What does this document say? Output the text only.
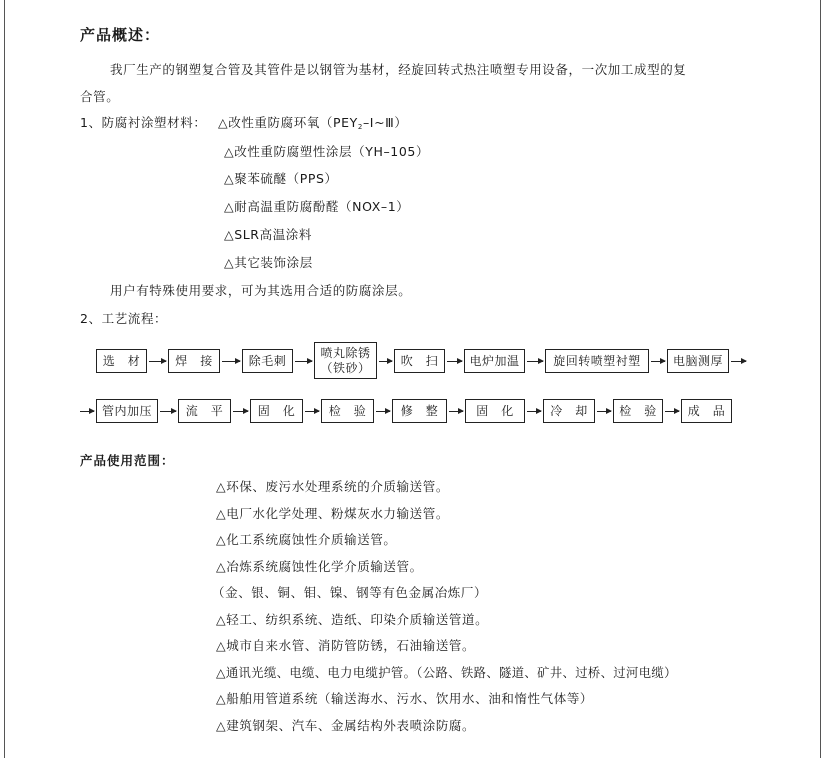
产品概述：
我厂生产的钢塑复合管及其管件是以钢管为基材，经旋回转式热注喷塑专用设备，一次加工成型的复
合管。
1、防腐衬涂塑材料： △改性重防腐环氧$(PEY_2-Ⅰ\sim Ⅲ)$
△改性重防腐塑性涂层（YH–105）
△聚苯硫醚（PPS）
△耐高温重防腐酚醛（NOX–1）
△SLR高温涂料
△其它装饰涂层
用户有特殊使用要求，可为其选用合适的防腐涂层。
2、工艺流程：
选　材	焊　接	除毛刺
喷丸除锈
（铁砂）	吹　扫	电炉加温	旋回转喷塑衬塑	电脑测厚
管内加压	流　平	固　化	检　验	修　整	固　化	冷　却	检　验	成　品
产品使用范围：
△环保、废污水处理系统的介质输送管。
△电厂水化学处理、粉煤灰水力输送管。
△化工系统腐蚀性介质输送管。
△冶炼系统腐蚀性化学介质输送管。
（金、银、铜、钼、镍、钢等有色金属冶炼厂）
△轻工、纺织系统、造纸、印染介质输送管道。
△城市自来水管、消防管防锈，石油输送管。
△通讯光缆、电缆、电力电缆护管。（公路、铁路、隧道、矿井、过桥、过河电缆）
△船舶用管道系统（输送海水、污水、饮用水、油和惰性气体等）
△建筑钢架、汽车、金属结构外表喷涂防腐。
